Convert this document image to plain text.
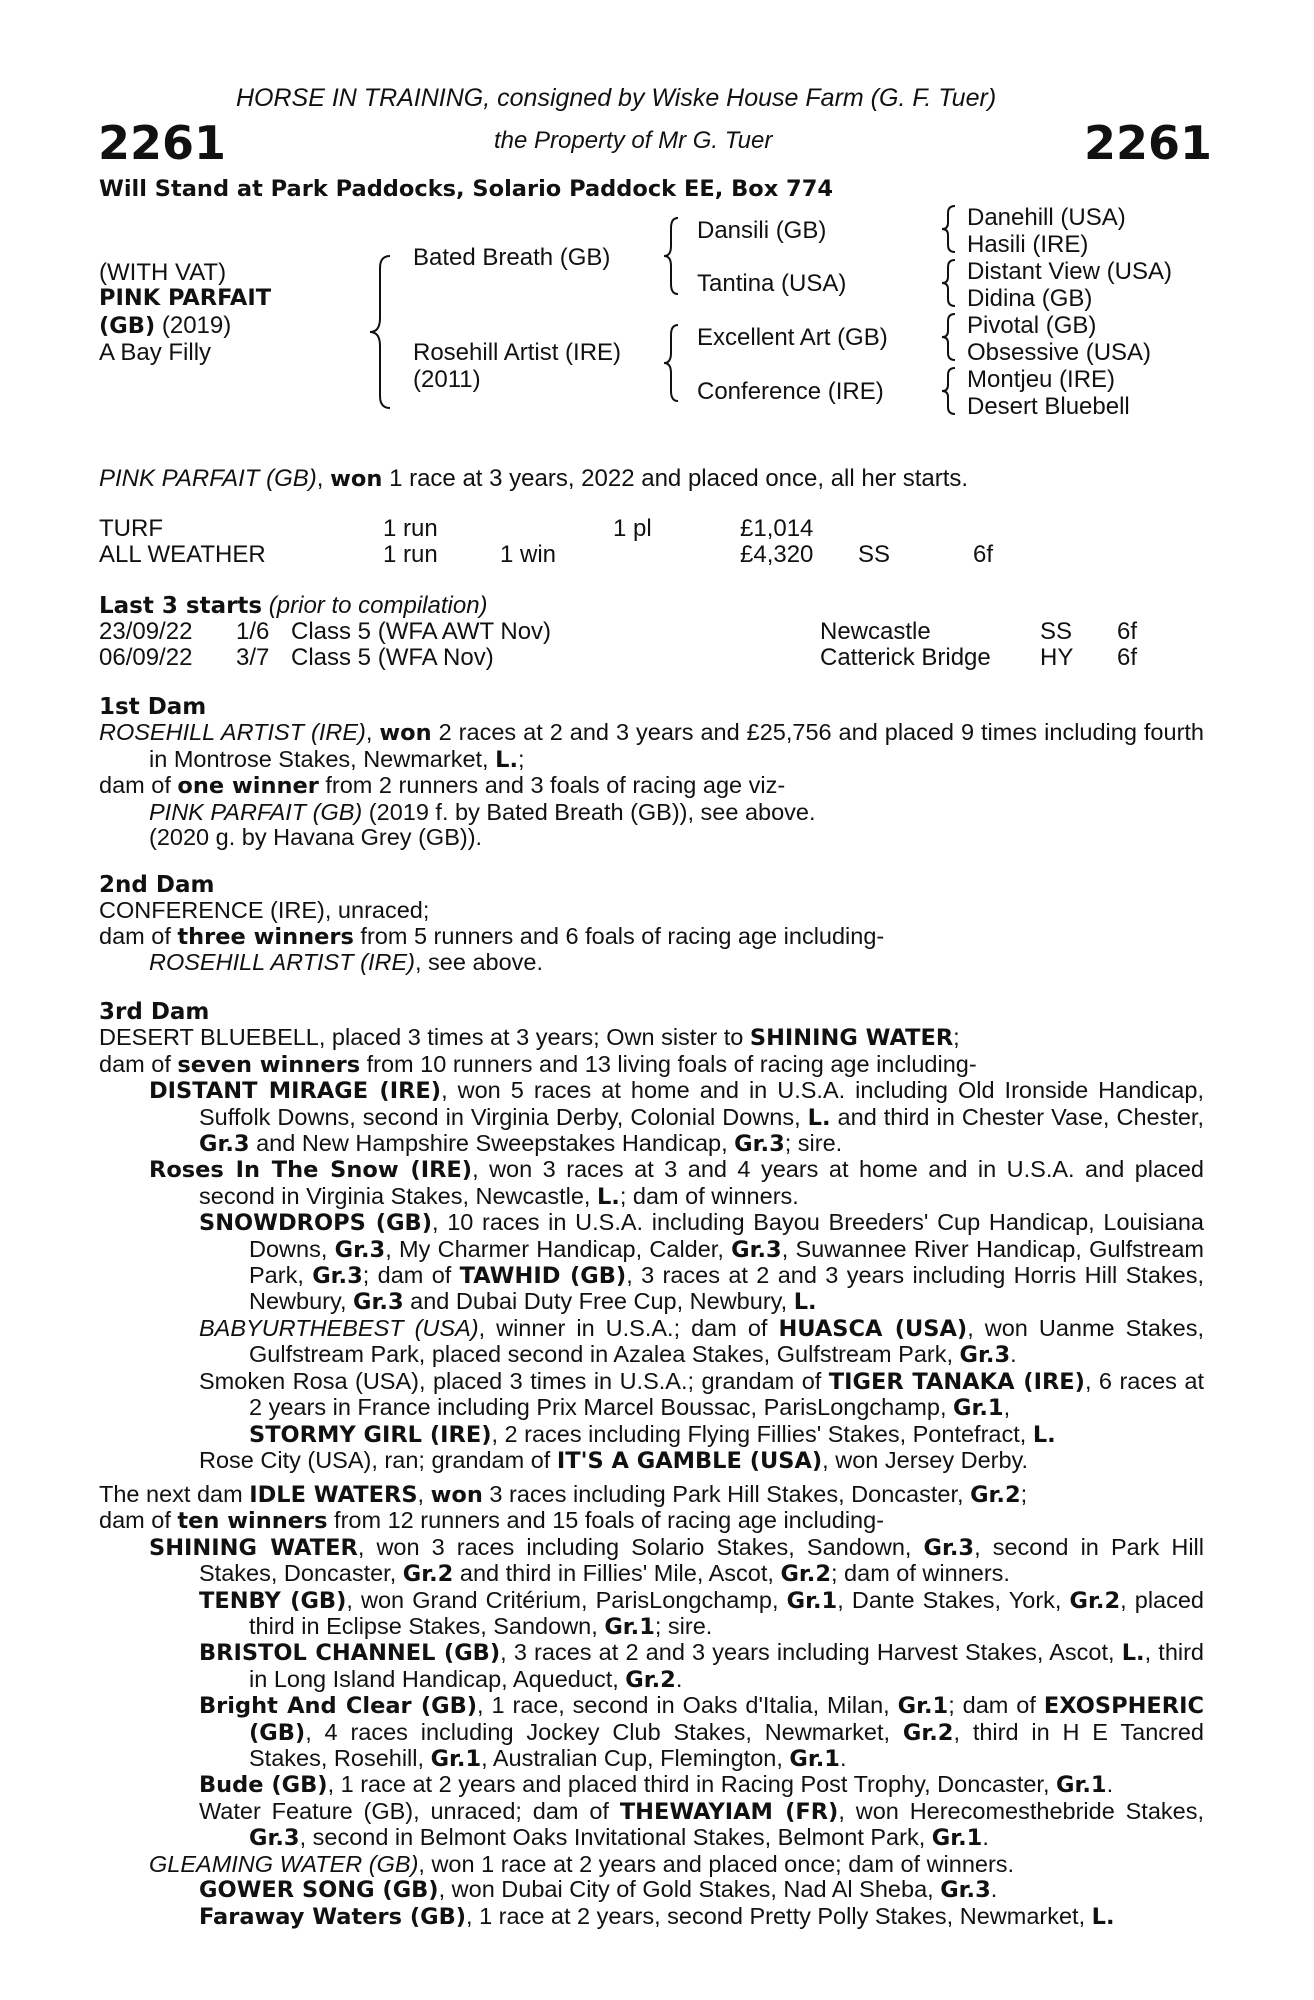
HORSE IN TRAINING, consigned by Wiske House Farm (G. F. Tuer)
2261	the Property of Mr G. Tuer	2261
Will Stand at Park Paddocks, Solario Paddock EE, Box 774
(WITH VAT)
PINK PARFAIT
(GB) (2019)
A Bay Filly
Bated Breath (GB)
Rosehill Artist (IRE)
(2011)
Dansili (GB)
Tantina (USA)
Excellent Art (GB)
Conference (IRE)
Danehill (USA)
Hasili (IRE)
Distant View (USA)
Didina (GB)
Pivotal (GB)
Obsessive (USA)
Montjeu (IRE)
Desert Bluebell
PINK PARFAIT (GB), won 1 race at 3 years, 2022 and placed once, all her starts.
TURF	1 run	1 pl	£1,014
ALL WEATHER	1 run	1 win	£4,320 SS	6f
Last 3 starts (prior to compilation)
23/09/22 1/6 Class 5 (WFA AWT Nov)	Newcastle	SS 6f
06/09/22 3/7 Class 5 (WFA Nov)	Catterick Bridge HY 6f
1st Dam
ROSEHILL ARTIST (IRE), won 2 races at 2 and 3 years and £25,756 and placed 9 times including fourth in Montrose Stakes, Newmarket, L.;
dam of one winner from 2 runners and 3 foals of racing age viz-
PINK PARFAIT (GB) (2019 f. by Bated Breath (GB)), see above.
(2020 g. by Havana Grey (GB)).
2nd Dam
CONFERENCE (IRE), unraced;
dam of three winners from 5 runners and 6 foals of racing age including-
ROSEHILL ARTIST (IRE), see above.
3rd Dam
DESERT BLUEBELL, placed 3 times at 3 years; Own sister to SHINING WATER;
dam of seven winners from 10 runners and 13 living foals of racing age including-
DISTANT MIRAGE (IRE), won 5 races at home and in U.S.A. including Old Ironside Handicap, Suffolk Downs, second in Virginia Derby, Colonial Downs, L. and third in Chester Vase, Chester, Gr.3 and New Hampshire Sweepstakes Handicap, Gr.3; sire.
Roses In The Snow (IRE), won 3 races at 3 and 4 years at home and in U.S.A. and placed second in Virginia Stakes, Newcastle, L.; dam of winners.
SNOWDROPS (GB), 10 races in U.S.A. including Bayou Breeders' Cup Handicap, Louisiana Downs, Gr.3, My Charmer Handicap, Calder, Gr.3, Suwannee River Handicap, Gulfstream Park, Gr.3; dam of TAWHID (GB), 3 races at 2 and 3 years including Horris Hill Stakes, Newbury, Gr.3 and Dubai Duty Free Cup, Newbury, L.
BABYURTHEBEST (USA), winner in U.S.A.; dam of HUASCA (USA), won Uanme Stakes, Gulfstream Park, placed second in Azalea Stakes, Gulfstream Park, Gr.3.
Smoken Rosa (USA), placed 3 times in U.S.A.; grandam of TIGER TANAKA (IRE), 6 races at 2 years in France including Prix Marcel Boussac, ParisLongchamp, Gr.1,
STORMY GIRL (IRE), 2 races including Flying Fillies' Stakes, Pontefract, L.
Rose City (USA), ran; grandam of IT'S A GAMBLE (USA), won Jersey Derby.
The next dam IDLE WATERS, won 3 races including Park Hill Stakes, Doncaster, Gr.2;
dam of ten winners from 12 runners and 15 foals of racing age including-
SHINING WATER, won 3 races including Solario Stakes, Sandown, Gr.3, second in Park Hill Stakes, Doncaster, Gr.2 and third in Fillies' Mile, Ascot, Gr.2; dam of winners.
TENBY (GB), won Grand Critérium, ParisLongchamp, Gr.1, Dante Stakes, York, Gr.2, placed third in Eclipse Stakes, Sandown, Gr.1; sire.
BRISTOL CHANNEL (GB), 3 races at 2 and 3 years including Harvest Stakes, Ascot, L., third in Long Island Handicap, Aqueduct, Gr.2.
Bright And Clear (GB), 1 race, second in Oaks d'Italia, Milan, Gr.1; dam of EXOSPHERIC (GB), 4 races including Jockey Club Stakes, Newmarket, Gr.2, third in H E Tancred Stakes, Rosehill, Gr.1, Australian Cup, Flemington, Gr.1.
Bude (GB), 1 race at 2 years and placed third in Racing Post Trophy, Doncaster, Gr.1.
Water Feature (GB), unraced; dam of THEWAYIAM (FR), won Herecomesthebride Stakes, Gr.3, second in Belmont Oaks Invitational Stakes, Belmont Park, Gr.1.
GLEAMING WATER (GB), won 1 race at 2 years and placed once; dam of winners.
GOWER SONG (GB), won Dubai City of Gold Stakes, Nad Al Sheba, Gr.3.
Faraway Waters (GB), 1 race at 2 years, second Pretty Polly Stakes, Newmarket, L.
